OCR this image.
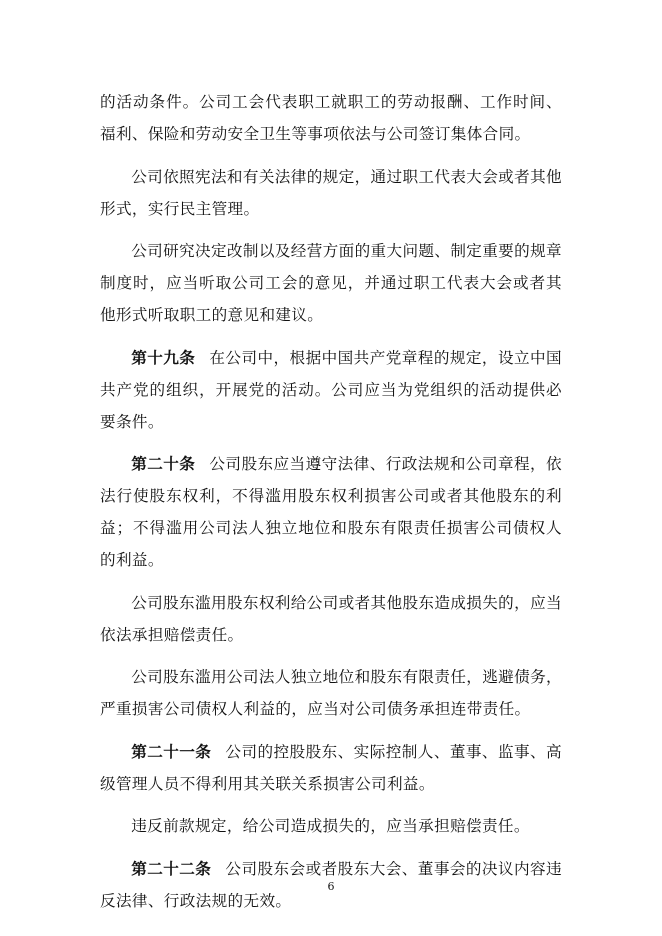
的活动条件。公司工会代表职工就职工的劳动报酬、工作时间、福利、保险和劳动安全卫生等事项依法与公司签订集体合同。

公司依照宪法和有关法律的规定，通过职工代表大会或者其他形式，实行民主管理。

公司研究决定改制以及经营方面的重大问题、制定重要的规章制度时，应当听取公司工会的意见，并通过职工代表大会或者其他形式听取职工的意见和建议。

第十九条 在公司中，根据中国共产党章程的规定，设立中国共产党的组织，开展党的活动。公司应当为党组织的活动提供必要条件。

第二十条 公司股东应当遵守法律、行政法规和公司章程，依法行使股东权利，不得滥用股东权利损害公司或者其他股东的利益；不得滥用公司法人独立地位和股东有限责任损害公司债权人的利益。

公司股东滥用股东权利给公司或者其他股东造成损失的，应当依法承担赔偿责任。

公司股东滥用公司法人独立地位和股东有限责任，逃避债务，严重损害公司债权人利益的，应当对公司债务承担连带责任。

第二十一条 公司的控股股东、实际控制人、董事、监事、高级管理人员不得利用其关联关系损害公司利益。

违反前款规定，给公司造成损失的，应当承担赔偿责任。

第二十二条 公司股东会或者股东大会、董事会的决议内容违反法律、行政法规的无效。

6
